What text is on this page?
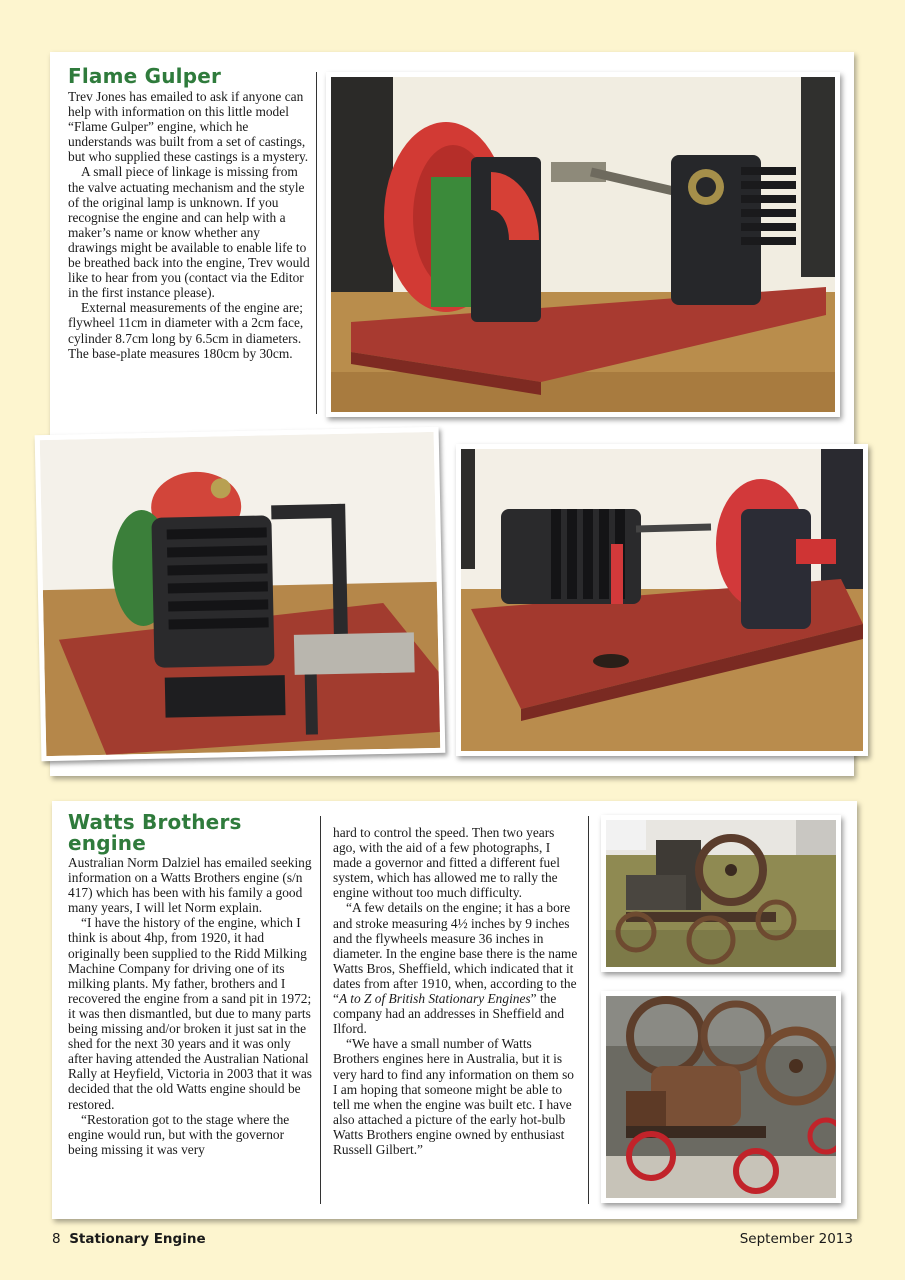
Flame Gulper

Trev Jones has emailed to ask if anyone can help with information on this little model “Flame Gulper” engine, which he understands was built from a set of castings, but who supplied these castings is a mystery.

A small piece of linkage is missing from the valve actuating mechanism and the style of the original lamp is unknown. If you recognise the engine and can help with a maker’s name or know whether any drawings might be available to enable life to be breathed back into the engine, Trev would like to hear from you (contact via the Editor in the first instance please).

External measurements of the engine are; flywheel 11cm in diameter with a 2cm face, cylinder 8.7cm long by 6.5cm in diameters. The base-plate measures 180cm by 30cm.

Watts Brothers engine

Australian Norm Dalziel has emailed seeking information on a Watts Brothers engine (s/n 417) which has been with his family a good many years, I will let Norm explain.

“I have the history of the engine, which I think is about 4hp, from 1920, it had originally been supplied to the Ridd Milking Machine Company for driving one of its milking plants. My father, brothers and I recovered the engine from a sand pit in 1972; it was then dismantled, but due to many parts being missing and/or broken it just sat in the shed for the next 30 years and it was only after having attended the Australian National Rally at Heyfield, Victoria in 2003 that it was decided that the old Watts engine should be restored.

“Restoration got to the stage where the engine would run, but with the governor being missing it was very

hard to control the speed. Then two years ago, with the aid of a few photographs, I made a governor and fitted a different fuel system, which has allowed me to rally the engine without too much difficulty.

“A few details on the engine; it has a bore and stroke measuring 4½ inches by 9 inches and the flywheels measure 36 inches in diameter. In the engine base there is the name Watts Bros, Sheffield, which indicated that it dates from after 1910, when, according to the “A to Z of British Stationary Engines” the company had an addresses in Sheffield and Ilford.

“We have a small number of Watts Brothers engines here in Australia, but it is very hard to find any information on them so I am hoping that someone might be able to tell me when the engine was built etc. I have also attached a picture of the early hot-bulb Watts Brothers engine owned by enthusiast Russell Gilbert.”

8 Stationary Engine	September 2013
